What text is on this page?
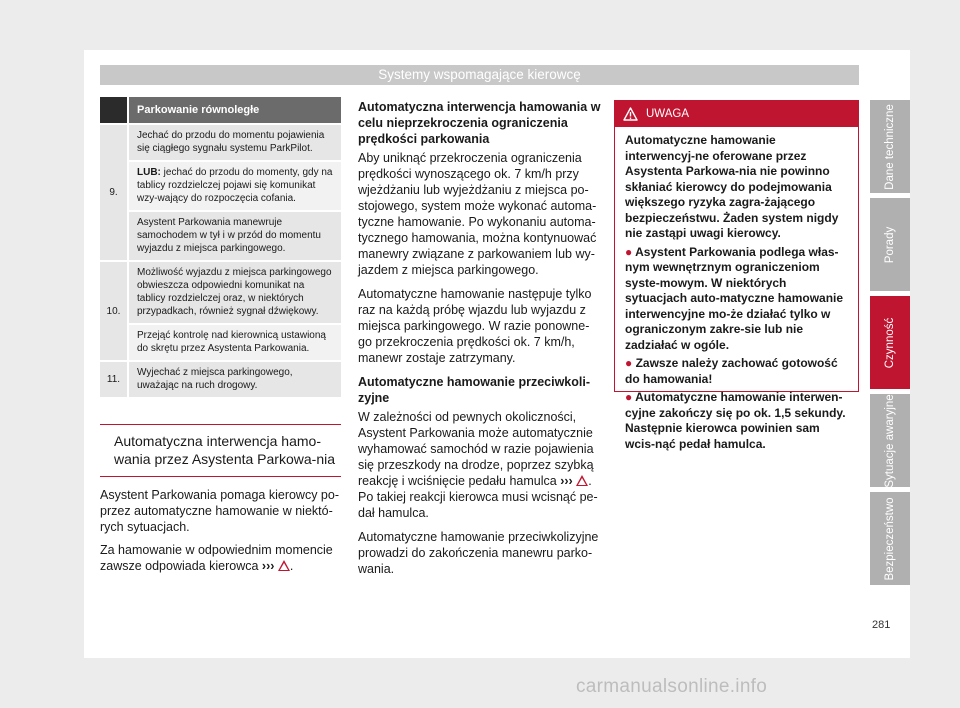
Systemy wspomagające kierowcę
Parkowanie równoległe
9.
Jechać do przodu do momentu pojawienia się ciągłego sygnału systemu ParkPilot.
LUB: jechać do przodu do momenty, gdy na tablicy rozdzielczej pojawi się komunikat wzy-wający do rozpoczęcia cofania.
Asystent Parkowania manewruje samochodem w tył i w przód do momentu wyjazdu z miejsca parkingowego.
10.
Możliwość wyjazdu z miejsca parkingowego obwieszcza odpowiedni komunikat na tablicy rozdzielczej oraz, w niektórych przypadkach, również sygnał dźwiękowy.
Przejąć kontrolę nad kierownicą ustawioną do skrętu przez Asystenta Parkowania.
11.
Wyjechać z miejsca parkingowego, uważając na ruch drogowy.
Automatyczna interwencja hamo-wania przez Asystenta Parkowa-nia

Asystent Parkowania pomaga kierowcy po-przez automatyczne hamowanie w niektó-rych sytuacjach.

Za hamowanie w odpowiednim momencie zawsze odpowiada kierowca ››› .

Automatyczna interwencja hamowania w celu nieprzekroczenia ograniczenia prędkości parkowania

Aby uniknąć przekroczenia ograniczenia prędkości wynoszącego ok. 7 km/h przy wjeżdżaniu lub wyjeżdżaniu z miejsca po-stojowego, system może wykonać automa-tyczne hamowanie. Po wykonaniu automa-tycznego hamowania, można kontynuować manewry związane z parkowaniem lub wy-jazdem z miejsca parkingowego.

Automatyczne hamowanie następuje tylko raz na każdą próbę wjazdu lub wyjazdu z miejsca parkingowego. W razie ponowne-go przekroczenia prędkości ok. 7 km/h, manewr zostaje zatrzymany.

Automatyczne hamowanie przeciwkoli-zyjne

W zależności od pewnych okoliczności, Asystent Parkowania może automatycznie wyhamować samochód w razie pojawienia się przeszkody na drodze, poprzez szybką reakcję i wciśnięcie pedału hamulca ››› . Po takiej reakcji kierowca musi wcisnąć pe-dał hamulca.

Automatyczne hamowanie przeciwkolizyjne prowadzi do zakończenia manewru parko-wania.

UWAGA

Automatyczne hamowanie interwencyj-ne oferowane przez Asystenta Parkowa-nia nie powinno skłaniać kierowcy do podejmowania większego ryzyka zagra-żającego bezpieczeństwu. Żaden system nigdy nie zastąpi uwagi kierowcy.

● Asystent Parkowania podlega włas-nym wewnętrznym ograniczeniom syste-mowym. W niektórych sytuacjach auto-matyczne hamowanie interwencyjne mo-że działać tylko w ograniczonym zakre-sie lub nie zadziałać w ogóle.

● Zawsze należy zachować gotowość do hamowania!

● Automatyczne hamowanie interwen-cyjne zakończy się po ok. 1,5 sekundy. Następnie kierowca powinien sam wcis-nąć pedał hamulca.

Dane techniczne
Porady
Czynność
Sytuacje awaryjne
Bezpieczeństwo
281
carmanualsonline.info
